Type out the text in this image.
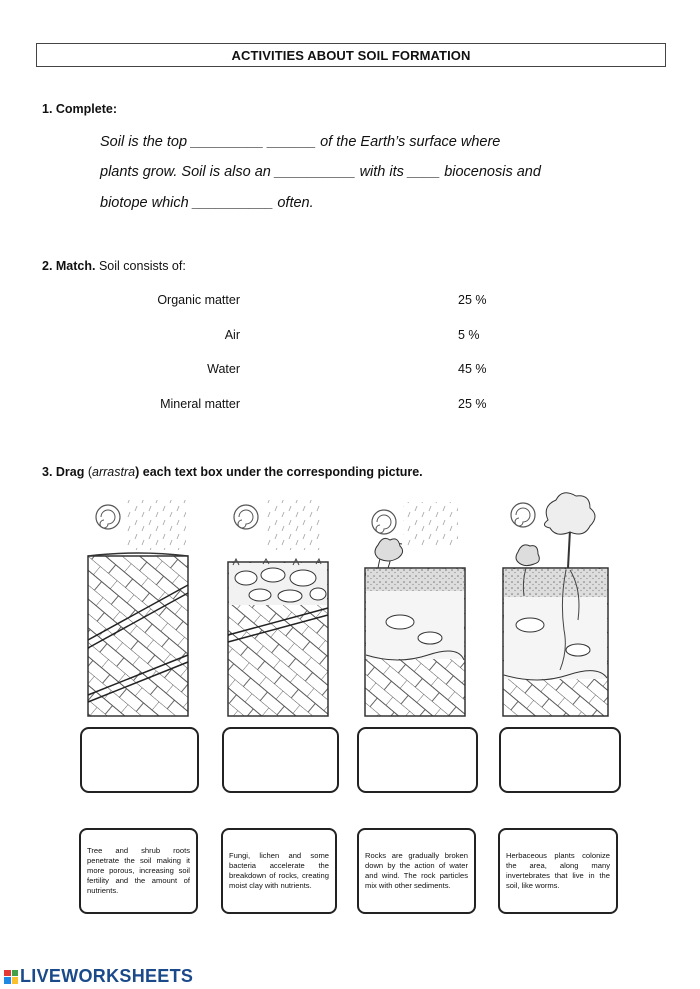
ACTIVITIES ABOUT SOIL FORMATION
1. Complete:
Soil is the top _________ ______ of the Earth’s surface where
plants grow. Soil is also an __________ with its ____ biocenosis and
biotope which __________ often.
2. Match. Soil consists of:
Organic matter
Air
Water
Mineral matter
25 %
5 %
45 %
25 %
3. Drag (arrastra) each text box under the corresponding picture.
Tree and shrub roots penetrate the soil making it more porous, increasing soil fertility and the amount of nutrients.
Fungi, lichen and some bacteria accelerate the breakdown of rocks, creating moist clay with nutrients.
Rocks are gradually broken down by the action of water and wind. The rock particles mix with other sediments.
Herbaceous plants colonize the area, along many invertebrates that live in the soil, like worms.
LIVEWORKSHEETS
